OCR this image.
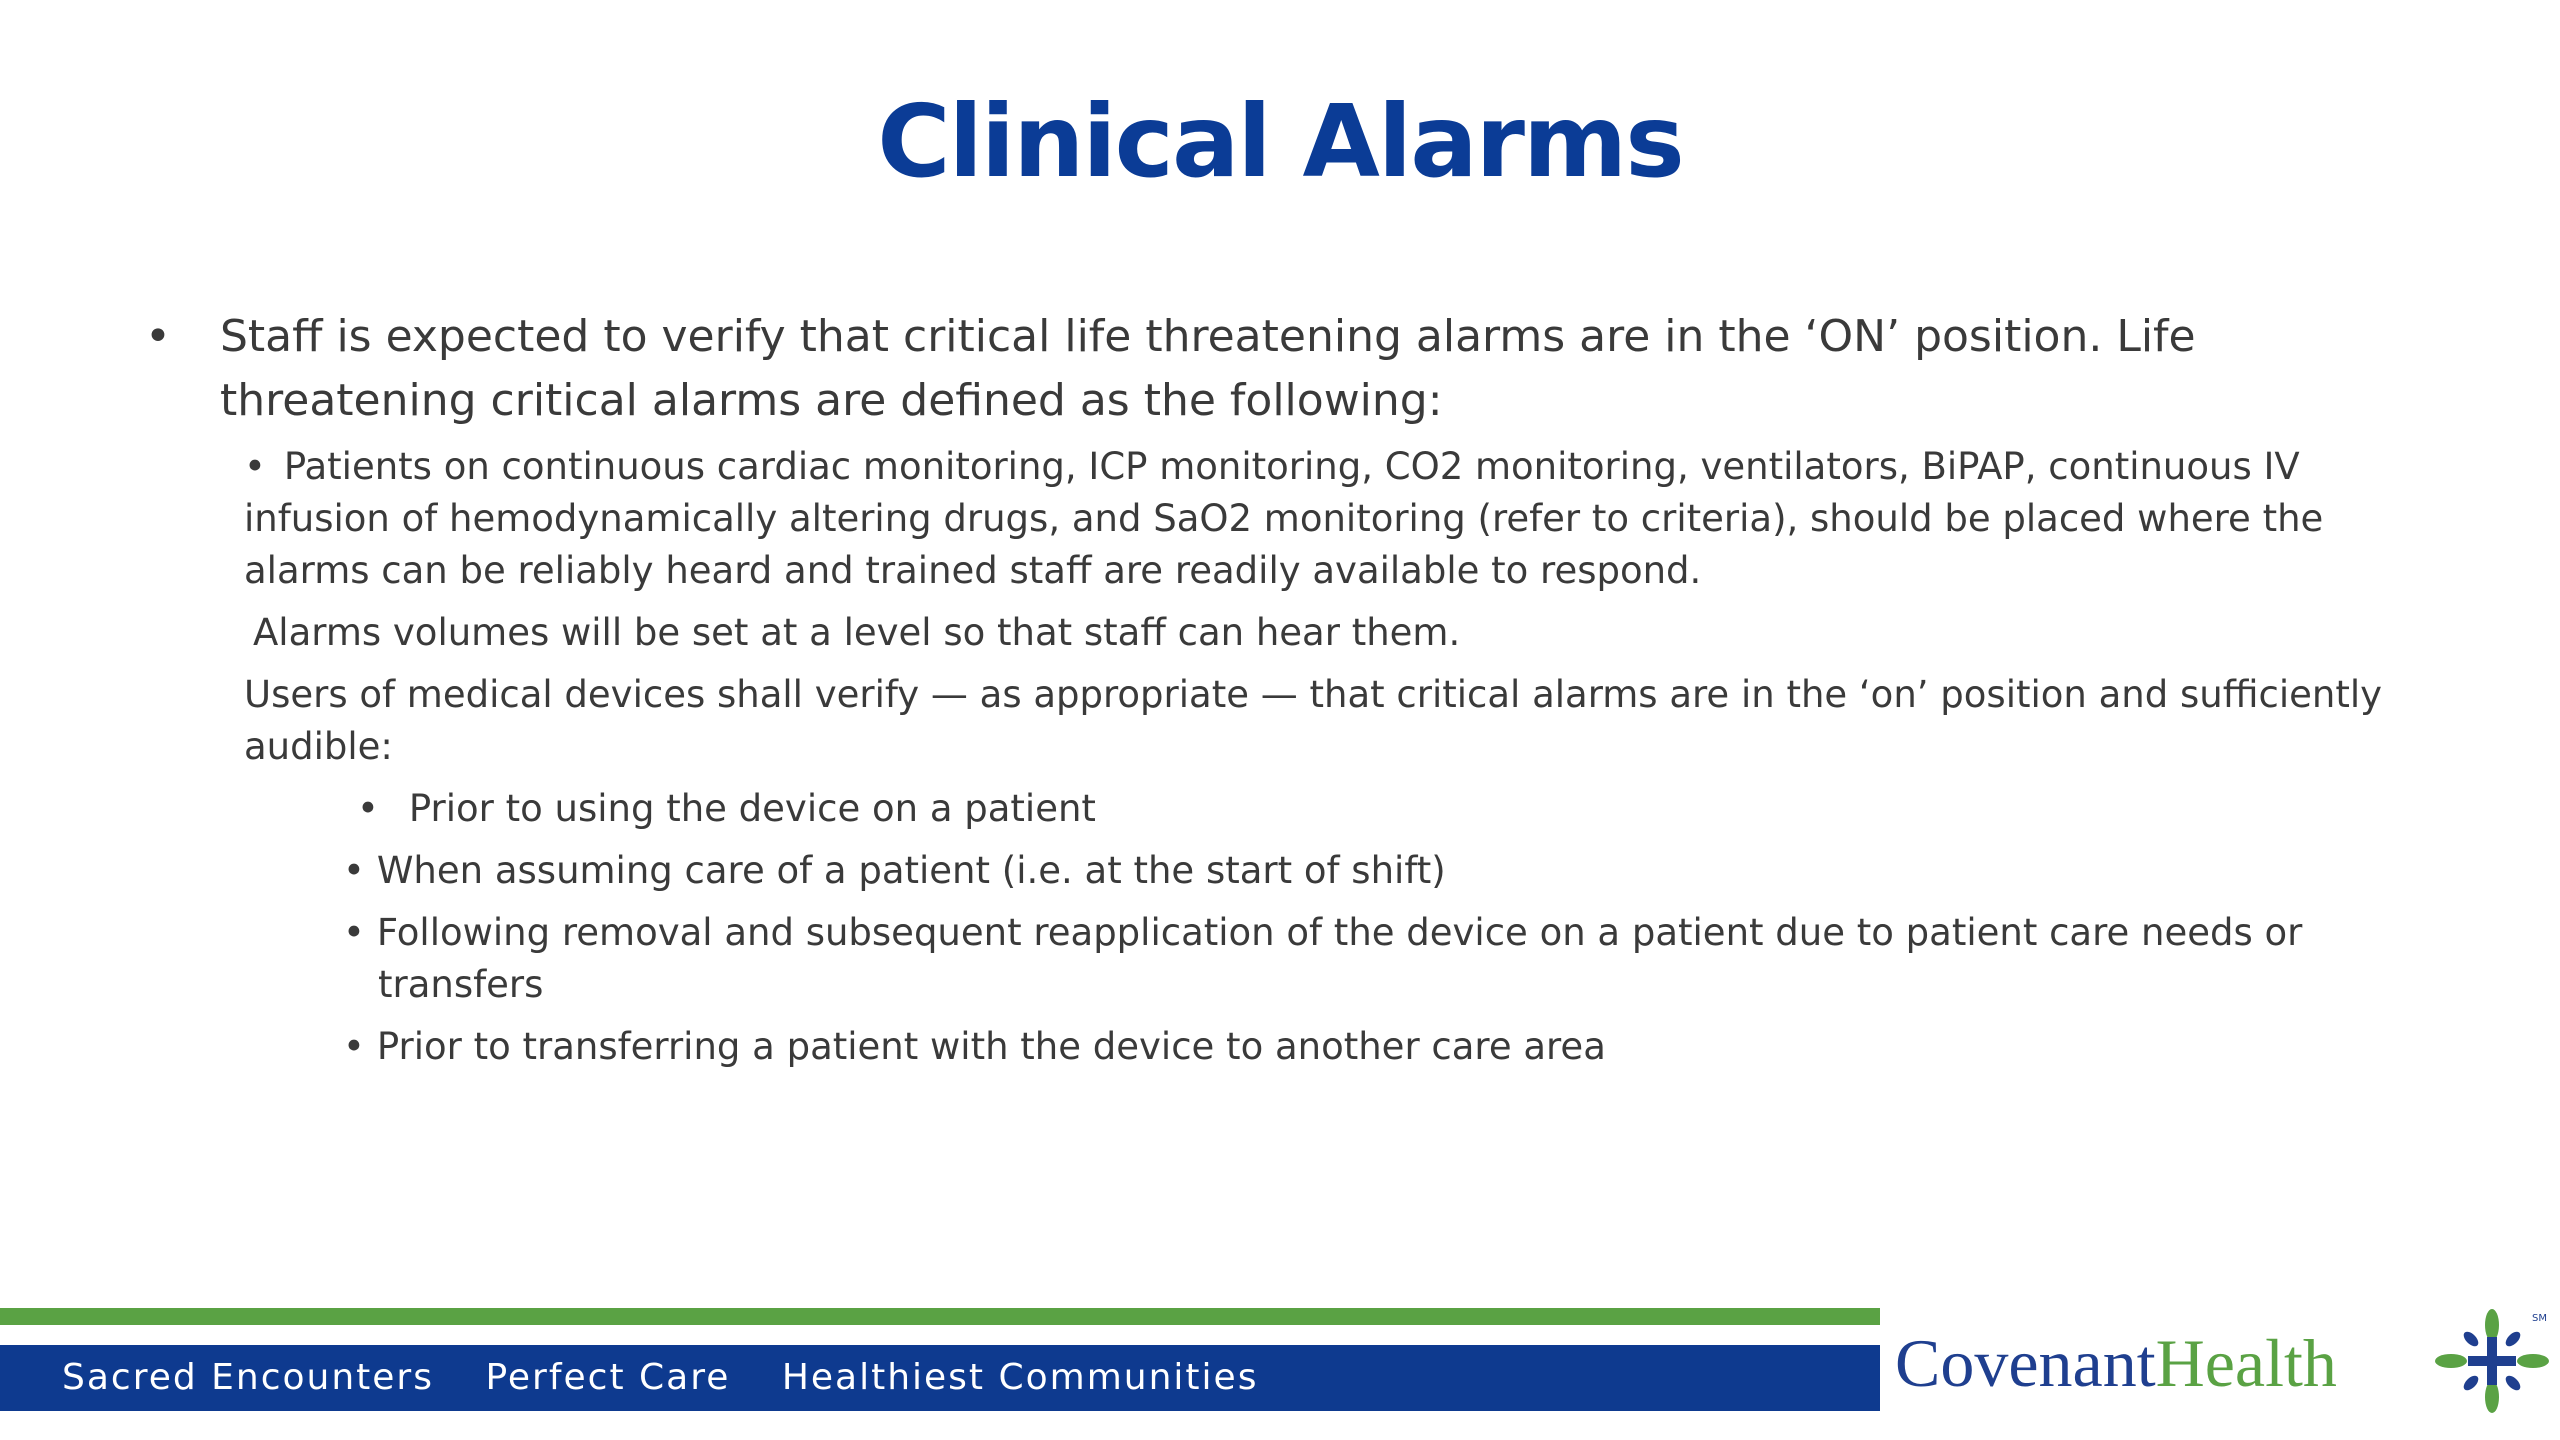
Clinical Alarms
• Staff is expected to verify that critical life threatening alarms are in the ‘ON’ position. Life threatening critical alarms are defined as the following:
• Patients on continuous cardiac monitoring, ICP monitoring, CO2 monitoring, ventilators, BiPAP, continuous IV infusion of hemodynamically altering drugs, and SaO2 monitoring (refer to criteria), should be placed where the alarms can be reliably heard and trained staff are readily available to respond.
Alarms volumes will be set at a level so that staff can hear them.
Users of medical devices shall verify — as appropriate — that critical alarms are in the ‘on’ position and sufficiently audible:
• Prior to using the device on a patient
• When assuming care of a patient (i.e. at the start of shift)
• Following removal and subsequent reapplication of the device on a patient due to patient care needs or
transfers
• Prior to transferring a patient with the device to another care area
Sacred Encounters Perfect Care Healthiest Communities	CovenantHealth
SM
